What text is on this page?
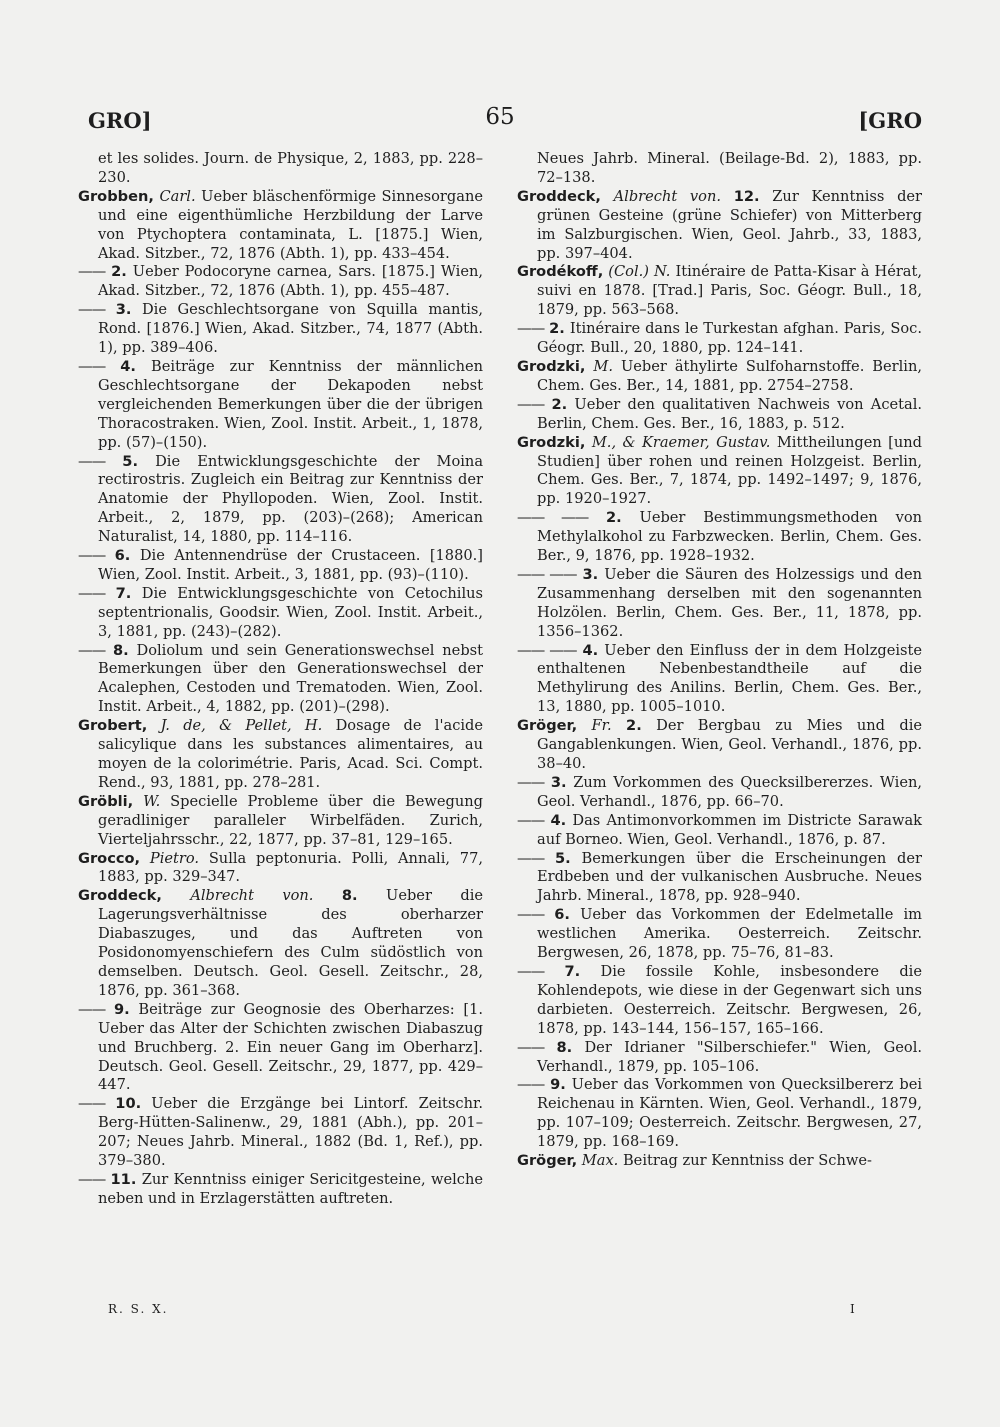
GRO]	65	[GRO

et les solides. Journ. de Physique, 2, 1883, pp. 228–230.

Grobben, Carl. Ueber bläschenförmige Sinnesorgane und eine eigenthümliche Herzbildung der Larve von Ptychoptera contaminata, L. [1875.] Wien, Akad. Sitzber., 72, 1876 (Abth. 1), pp. 433–454.

—— 2. Ueber Podocoryne carnea, Sars. [1875.] Wien, Akad. Sitzber., 72, 1876 (Abth. 1), pp. 455–487.

—— 3. Die Geschlechtsorgane von Squilla mantis, Rond. [1876.] Wien, Akad. Sitzber., 74, 1877 (Abth. 1), pp. 389–406.

—— 4. Beiträge zur Kenntniss der männlichen Geschlechtsorgane der Dekapoden nebst vergleichenden Bemerkungen über die der übrigen Thoracostraken. Wien, Zool. Instit. Arbeit., 1, 1878, pp. (57)–(150).

—— 5. Die Entwicklungsgeschichte der Moina rectirostris. Zugleich ein Beitrag zur Kenntniss der Anatomie der Phyllopoden. Wien, Zool. Instit. Arbeit., 2, 1879, pp. (203)–(268); American Naturalist, 14, 1880, pp. 114–116.

—— 6. Die Antennendrüse der Crustaceen. [1880.] Wien, Zool. Instit. Arbeit., 3, 1881, pp. (93)–(110).

—— 7. Die Entwicklungsgeschichte von Cetochilus septentrionalis, Goodsir. Wien, Zool. Instit. Arbeit., 3, 1881, pp. (243)–(282).

—— 8. Doliolum und sein Generationswechsel nebst Bemerkungen über den Generationswechsel der Acalephen, Cestoden und Trematoden. Wien, Zool. Instit. Arbeit., 4, 1882, pp. (201)–(298).

Grobert, J. de, & Pellet, H. Dosage de l'acide salicylique dans les substances alimentaires, au moyen de la colorimétrie. Paris, Acad. Sci. Compt. Rend., 93, 1881, pp. 278–281.

Gröbli, W. Specielle Probleme über die Bewegung geradliniger paralleler Wirbelfäden. Zurich, Vierteljahrsschr., 22, 1877, pp. 37–81, 129–165.

Grocco, Pietro. Sulla peptonuria. Polli, Annali, 77, 1883, pp. 329–347.

Groddeck, Albrecht von. 8. Ueber die Lagerungsverhältnisse des oberharzer Diabaszuges, und das Auftreten von Posidonomyenschiefern des Culm südöstlich von demselben. Deutsch. Geol. Gesell. Zeitschr., 28, 1876, pp. 361–368.

—— 9. Beiträge zur Geognosie des Oberharzes: [1. Ueber das Alter der Schichten zwischen Diabaszug und Bruchberg. 2. Ein neuer Gang im Oberharz]. Deutsch. Geol. Gesell. Zeitschr., 29, 1877, pp. 429–447.

—— 10. Ueber die Erzgänge bei Lintorf. Zeitschr. Berg-Hütten-Salinenw., 29, 1881 (Abh.), pp. 201–207; Neues Jahrb. Mineral., 1882 (Bd. 1, Ref.), pp. 379–380.

—— 11. Zur Kenntniss einiger Sericitgesteine, welche neben und in Erzlagerstätten auftreten.

Neues Jahrb. Mineral. (Beilage-Bd. 2), 1883, pp. 72–138.

Groddeck, Albrecht von. 12. Zur Kenntniss der grünen Gesteine (grüne Schiefer) von Mitterberg im Salzburgischen. Wien, Geol. Jahrb., 33, 1883, pp. 397–404.

Grodékoff, (Col.) N. Itinéraire de Patta-Kisar à Hérat, suivi en 1878. [Trad.] Paris, Soc. Géogr. Bull., 18, 1879, pp. 563–568.

—— 2. Itinéraire dans le Turkestan afghan. Paris, Soc. Géogr. Bull., 20, 1880, pp. 124–141.

Grodzki, M. Ueber äthylirte Sulfoharnstoffe. Berlin, Chem. Ges. Ber., 14, 1881, pp. 2754–2758.

—— 2. Ueber den qualitativen Nachweis von Acetal. Berlin, Chem. Ges. Ber., 16, 1883, p. 512.

Grodzki, M., & Kraemer, Gustav. Mittheilungen [und Studien] über rohen und reinen Holzgeist. Berlin, Chem. Ges. Ber., 7, 1874, pp. 1492–1497; 9, 1876, pp. 1920–1927.

—— —— 2. Ueber Bestimmungsmethoden von Methylalkohol zu Farbzwecken. Berlin, Chem. Ges. Ber., 9, 1876, pp. 1928–1932.

—— —— 3. Ueber die Säuren des Holzessigs und den Zusammenhang derselben mit den sogenannten Holzölen. Berlin, Chem. Ges. Ber., 11, 1878, pp. 1356–1362.

—— —— 4. Ueber den Einfluss der in dem Holzgeiste enthaltenen Nebenbestandtheile auf die Methylirung des Anilins. Berlin, Chem. Ges. Ber., 13, 1880, pp. 1005–1010.

Gröger, Fr. 2. Der Bergbau zu Mies und die Gangablenkungen. Wien, Geol. Verhandl., 1876, pp. 38–40.

—— 3. Zum Vorkommen des Quecksilbererzes. Wien, Geol. Verhandl., 1876, pp. 66–70.

—— 4. Das Antimonvorkommen im Districte Sarawak auf Borneo. Wien, Geol. Verhandl., 1876, p. 87.

—— 5. Bemerkungen über die Erscheinungen der Erdbeben und der vulkanischen Ausbruche. Neues Jahrb. Mineral., 1878, pp. 928–940.

—— 6. Ueber das Vorkommen der Edelmetalle im westlichen Amerika. Oesterreich. Zeitschr. Bergwesen, 26, 1878, pp. 75–76, 81–83.

—— 7. Die fossile Kohle, insbesondere die Kohlendepots, wie diese in der Gegenwart sich uns darbieten. Oesterreich. Zeitschr. Bergwesen, 26, 1878, pp. 143–144, 156–157, 165–166.

—— 8. Der Idrianer "Silberschiefer." Wien, Geol. Verhandl., 1879, pp. 105–106.

—— 9. Ueber das Vorkommen von Quecksilbererz bei Reichenau in Kärnten. Wien, Geol. Verhandl., 1879, pp. 107–109; Oesterreich. Zeitschr. Bergwesen, 27, 1879, pp. 168–169.

Gröger, Max. Beitrag zur Kenntniss der Schwe-

R. S. X.	I
